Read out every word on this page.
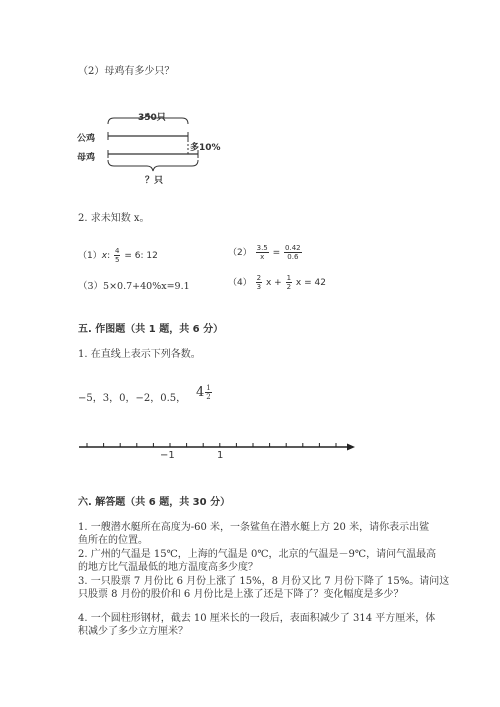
（2）母鸡有多少只？
350只
公鸡
母鸡
多10%
？只
2. 求未知数 x。
（1）x: $\frac{4}{5} = 6$: 12	$(2) \frac{3.5}{x} = \frac{0.42}{0.6}$
（3）5×0.7+40%x=9.1	$(4) \frac{2}{3}$ $x + \frac{1}{2}$ x = 42
五. 作图题（共 1 题，共 6 分）
1. 在直线上表示下列各数。
−5，3，0，−2，0.5， $4 \frac{1}{2}$
−1	1
六. 解答题（共 6 题，共 30 分）
1. 一艘潜水艇所在高度为-60 米，一条鲨鱼在潜水艇上方 20 米，请你表示出鲨
鱼所在的位置。
2. 广州的气温是 15℃，上海的气温是 0℃，北京的气温是－9℃，请问气温最高
的地方比气温最低的地方温度高多少度？
3. 一只股票 7 月份比 6 月份上涨了 15%，8 月份又比 7 月份下降了 15%。请问这
只股票 8 月份的股价和 6 月份比是上涨了还是下降了？变化幅度是多少？
4. 一个圆柱形钢材，截去 10 厘米长的一段后，表面积减少了 314 平方厘米，体
积减少了多少立方厘米？
